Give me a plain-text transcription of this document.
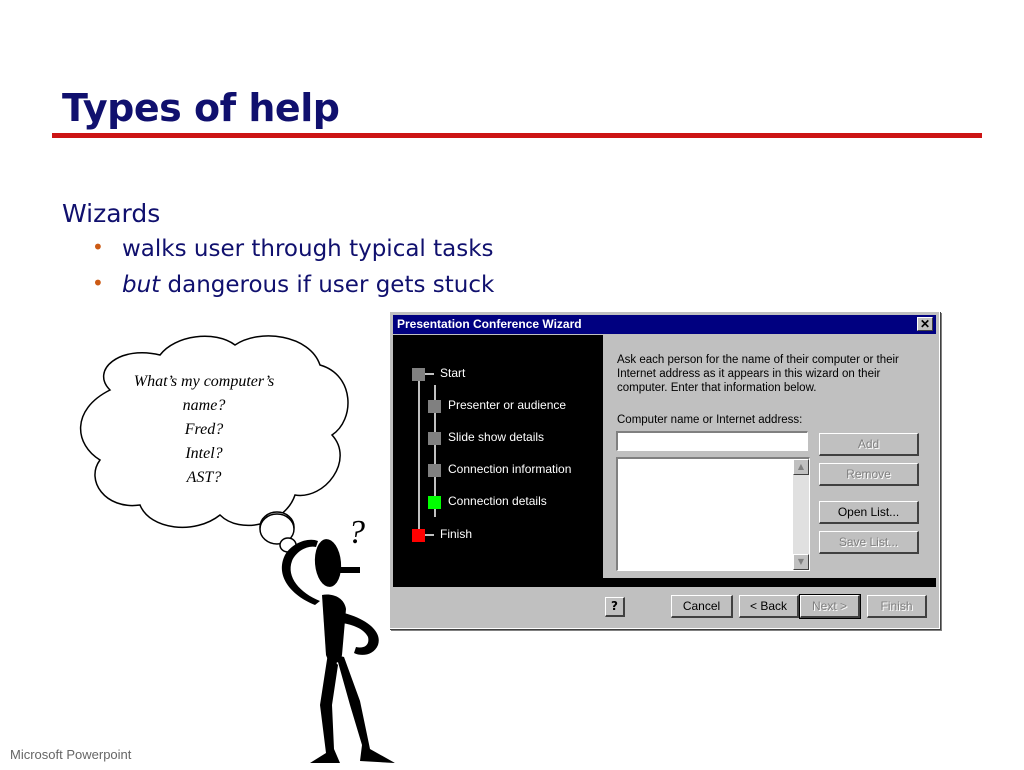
Types of help
Wizards
• walks user through typical tasks
• but dangerous if user gets stuck
What’s my computer’s
name?
Fred?
Intel?
AST?
?
Presentation Conference Wizard	✕
Start
Presenter or audience
Slide show details
Connection information
Connection details
Finish
Ask each person for the name of their computer or their Internet address as it appears in this wizard on their computer. Enter that information below.
Computer name or Internet address:
▲
▼
Add
Remove
Open List...
Save List...
?	Cancel	< Back	Next >	Finish
Microsoft Powerpoint
